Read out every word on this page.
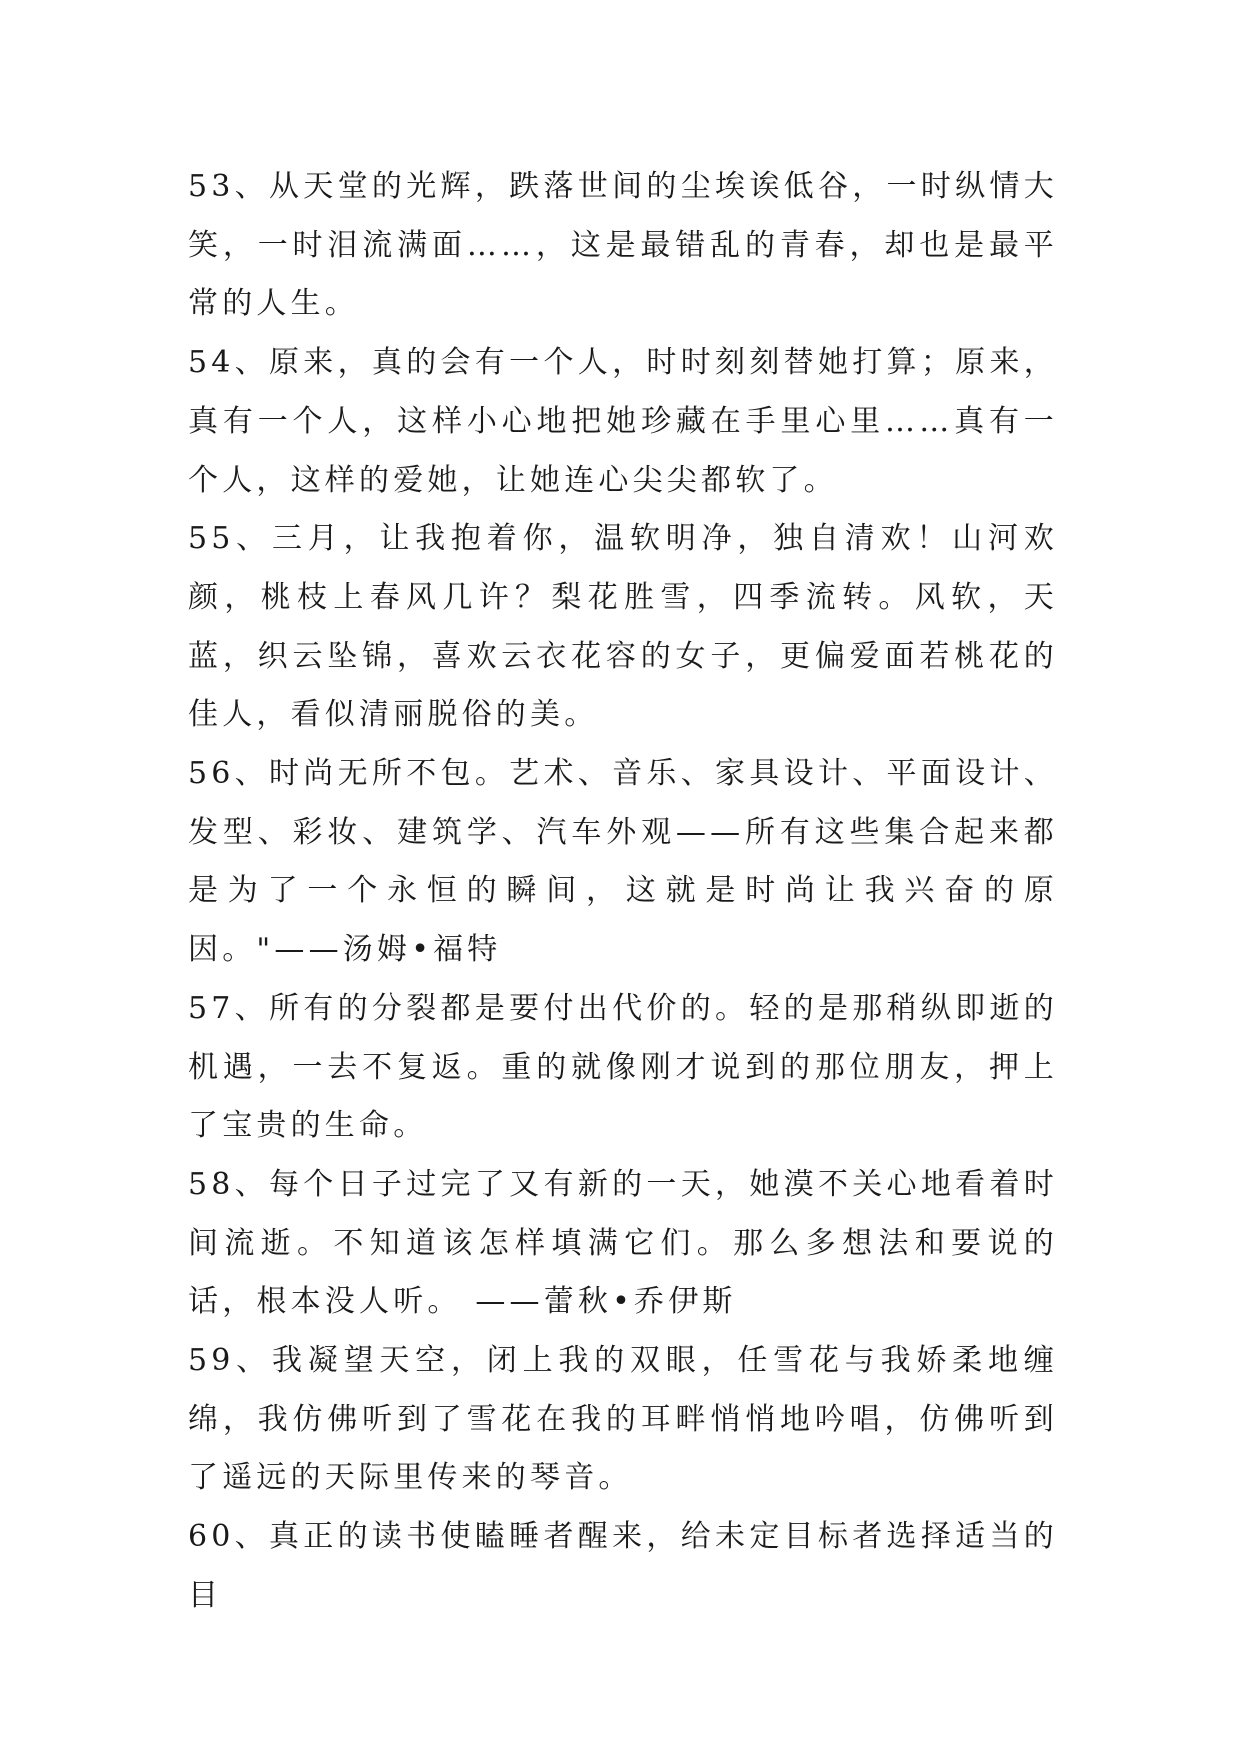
53、从天堂的光辉，跌落世间的尘埃诶低谷，一时纵情大笑，一时泪流满面……，这是最错乱的青春，却也是最平常的人生。

54、原来，真的会有一个人，时时刻刻替她打算；原来，真有一个人，这样小心地把她珍藏在手里心里……真有一个人，这样的爱她，让她连心尖尖都软了。

55、三月，让我抱着你，温软明净，独自清欢！山河欢颜，桃枝上春风几许？梨花胜雪，四季流转。风软，天蓝，织云坠锦，喜欢云衣花容的女子，更偏爱面若桃花的佳人，看似清丽脱俗的美。

56、时尚无所不包。艺术、音乐、家具设计、平面设计、发型、彩妆、建筑学、汽车外观——所有这些集合起来都是为了一个永恒的瞬间，这就是时尚让我兴奋的原因。"——汤姆•福特

57、所有的分裂都是要付出代价的。轻的是那稍纵即逝的机遇，一去不复返。重的就像刚才说到的那位朋友，押上了宝贵的生命。

58、每个日子过完了又有新的一天，她漠不关心地看着时间流逝。不知道该怎样填满它们。那么多想法和要说的话，根本没人听。 ——蕾秋•乔伊斯

59、我凝望天空，闭上我的双眼，任雪花与我娇柔地缠绵，我仿佛听到了雪花在我的耳畔悄悄地吟唱，仿佛听到了遥远的天际里传来的琴音。

60、真正的读书使瞌睡者醒来，给未定目标者选择适当的目
